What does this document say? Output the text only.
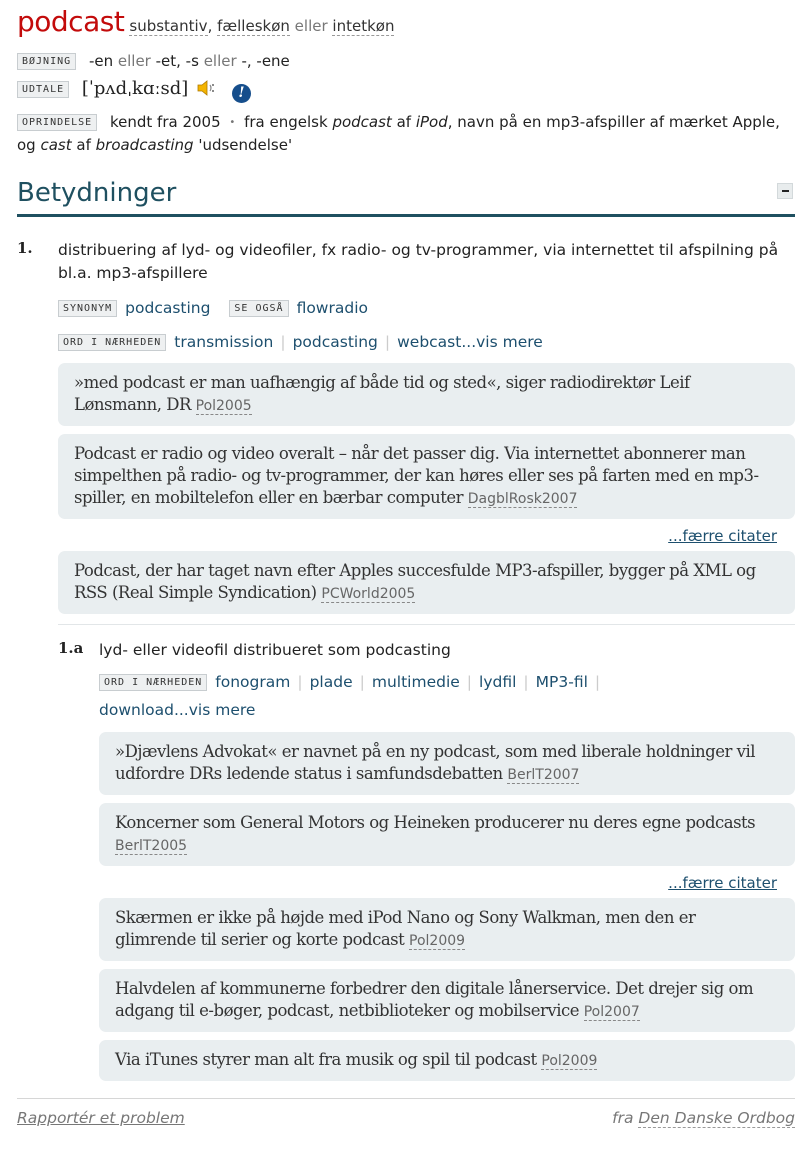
podcast substantiv, fælleskøn eller intetkøn
BØJNING -en eller -et, -s eller -, -ene
UDTALE [ˈpʌdˌkɑːsd]	!
OPRINDELSE kendt fra 2005 • fra engelsk podcast af iPod, navn på en mp3-afspiller af mærket Apple, og cast af broadcasting 'udsendelse'
Betydninger
1. distribuering af lyd- og videofiler, fx radio- og tv-programmer, via internettet til afspilning på bl.a. mp3-afspillere
SYNONYM podcasting SE OGSÅ flowradio
ORD I NÆRHEDEN transmission | podcasting | webcast...vis mere
»med podcast er man uafhængig af både tid og sted«, siger radiodirektør Leif Lønsmann, DR Pol2005
Podcast er radio og video overalt – når det passer dig. Via internettet abonnerer man simpelthen på radio- og tv-programmer, der kan høres eller ses på farten med en mp3-spiller, en mobiltelefon eller en bærbar computer DagblRosk2007
...færre citater
Podcast, der har taget navn efter Apples succesfulde MP3-afspiller, bygger på XML og RSS (Real Simple Syndication) PCWorld2005
1.a lyd- eller videofil distribueret som podcasting
ORD I NÆRHEDEN fonogram | plade | multimedie | lydfil | MP3-fil |
download...vis mere
»Djævlens Advokat« er navnet på en ny podcast, som med liberale holdninger vil udfordre DRs ledende status i samfundsdebatten BerlT2007
Koncerner som General Motors og Heineken producerer nu deres egne podcasts BerlT2005
...færre citater
Skærmen er ikke på højde med iPod Nano og Sony Walkman, men den er glimrende til serier og korte podcast Pol2009
Halvdelen af kommunerne forbedrer den digitale lånerservice. Det drejer sig om adgang til e-bøger, podcast, netbiblioteker og mobilservice Pol2007
Via iTunes styrer man alt fra musik og spil til podcast Pol2009
Rapportér et problem	fra Den Danske Ordbog
